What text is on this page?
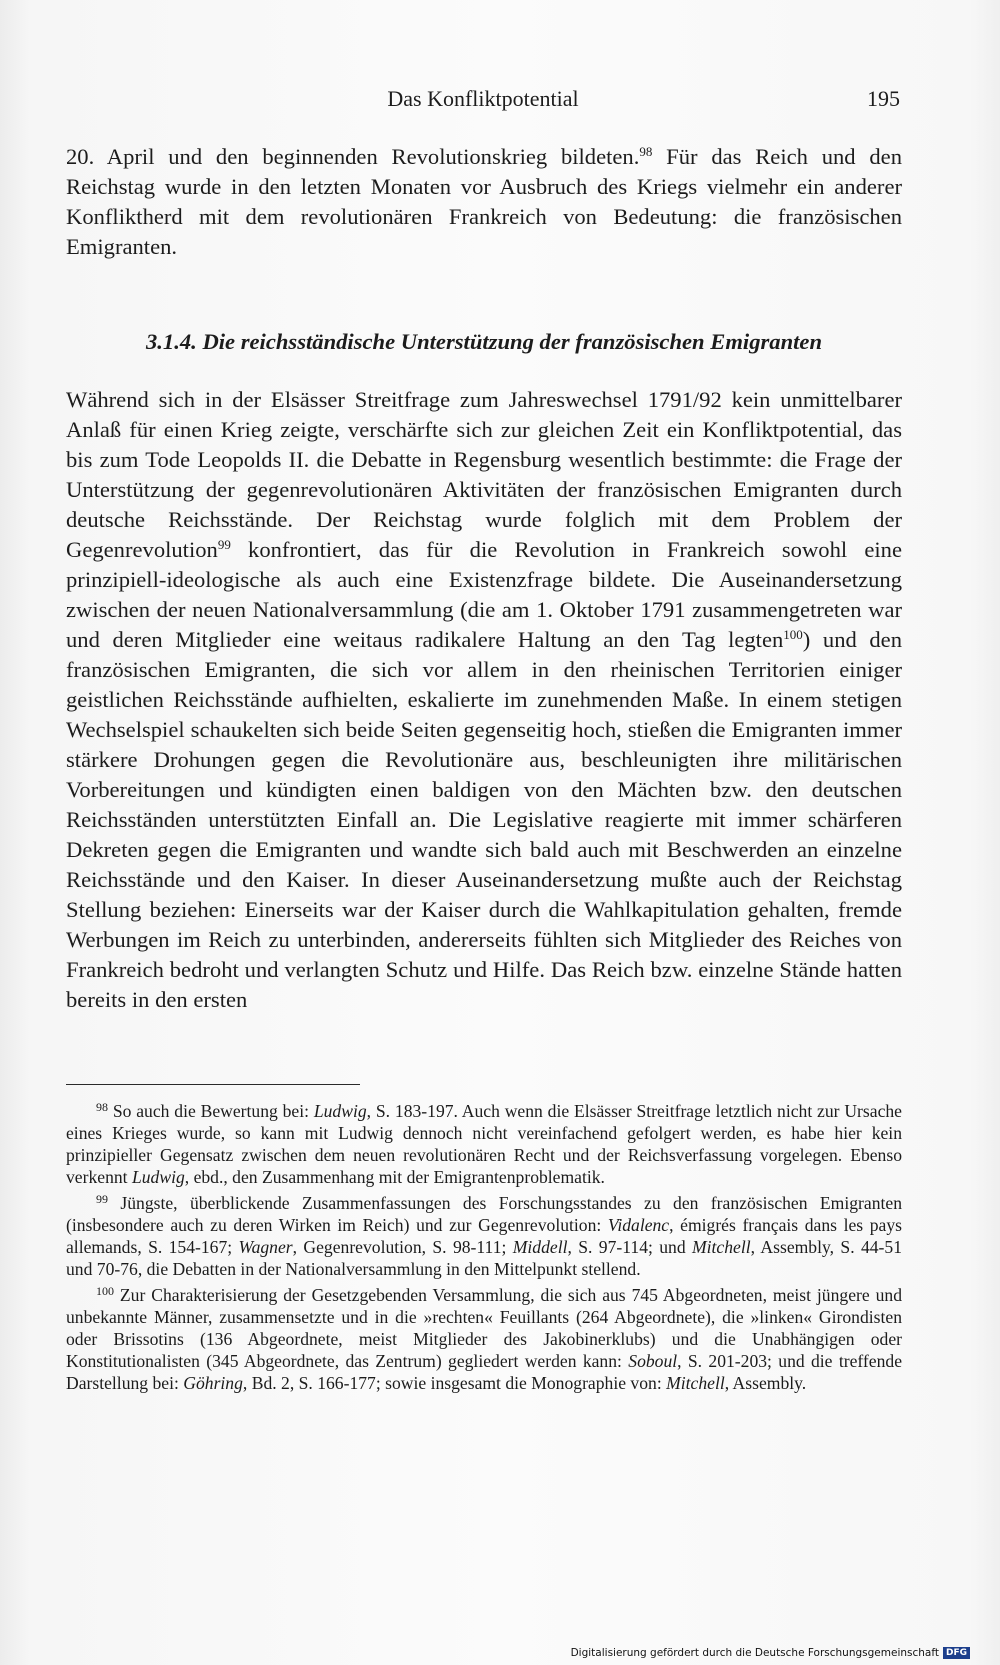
Das Konfliktpotential	195

20. April und den beginnenden Revolutionskrieg bildeten.$^{98}$ Für das Reich und den Reichstag wurde in den letzten Monaten vor Ausbruch des Kriegs vielmehr ein anderer Konfliktherd mit dem revolutionären Frankreich von Bedeutung: die französischen Emigranten.

3.1.4. Die reichsständische Unterstützung der französischen Emigranten

Während sich in der Elsässer Streitfrage zum Jahreswechsel 1791/92 kein unmittelbarer Anlaß für einen Krieg zeigte, verschärfte sich zur gleichen Zeit ein Konfliktpotential, das bis zum Tode Leopolds II. die Debatte in Regensburg wesentlich bestimmte: die Frage der Unterstützung der gegenrevolutionären Aktivitäten der französischen Emigranten durch deutsche Reichsstände. Der Reichstag wurde folglich mit dem Problem der Gegenrevolution$^{99}$ konfrontiert, das für die Revolution in Frankreich sowohl eine prinzipiell-ideologische als auch eine Existenzfrage bildete. Die Auseinandersetzung zwischen der neuen Nationalversammlung (die am 1. Oktober 1791 zusammengetreten war und deren Mitglieder eine weitaus radikalere Haltung an den Tag legten$^{100}$) und den französischen Emigranten, die sich vor allem in den rheinischen Territorien einiger geistlichen Reichsstände aufhielten, eskalierte im zunehmenden Maße. In einem stetigen Wechselspiel schaukelten sich beide Seiten gegenseitig hoch, stießen die Emigranten immer stärkere Drohungen gegen die Revolutionäre aus, beschleunigten ihre militärischen Vorbereitungen und kündigten einen baldigen von den Mächten bzw. den deutschen Reichsständen unterstützten Einfall an. Die Legislative reagierte mit immer schärferen Dekreten gegen die Emigranten und wandte sich bald auch mit Beschwerden an einzelne Reichsstände und den Kaiser. In dieser Auseinandersetzung mußte auch der Reichstag Stellung beziehen: Einerseits war der Kaiser durch die Wahlkapitulation gehalten, fremde Werbungen im Reich zu unterbinden, andererseits fühlten sich Mitglieder des Reiches von Frankreich bedroht und verlangten Schutz und Hilfe. Das Reich bzw. einzelne Stände hatten bereits in den ersten

$^{98}$ So auch die Bewertung bei: Ludwig, S. 183-197. Auch wenn die Elsässer Streitfrage letztlich nicht zur Ursache eines Krieges wurde, so kann mit Ludwig dennoch nicht vereinfachend gefolgert werden, es habe hier kein prinzipieller Gegensatz zwischen dem neuen revolutionären Recht und der Reichsverfassung vorgelegen. Ebenso verkennt Ludwig, ebd., den Zusammenhang mit der Emigrantenproblematik.

$^{99}$ Jüngste, überblickende Zusammenfassungen des Forschungsstandes zu den französischen Emigranten (insbesondere auch zu deren Wirken im Reich) und zur Gegenrevolution: Vidalenc, émigrés français dans les pays allemands, S. 154-167; Wagner, Gegenrevolution, S. 98-111; Middell, S. 97-114; und Mitchell, Assembly, S. 44-51 und 70-76, die Debatten in der Nationalversammlung in den Mittelpunkt stellend.

$^{100}$ Zur Charakterisierung der Gesetzgebenden Versammlung, die sich aus 745 Abgeordneten, meist jüngere und unbekannte Männer, zusammensetzte und in die »rechten« Feuillants (264 Abgeordnete), die »linken« Girondisten oder Brissotins (136 Abgeordnete, meist Mitglieder des Jakobinerklubs) und die Unabhängigen oder Konstitutionalisten (345 Abgeordnete, das Zentrum) gegliedert werden kann: Soboul, S. 201-203; und die treffende Darstellung bei: Göhring, Bd. 2, S. 166-177; sowie insgesamt die Monographie von: Mitchell, Assembly.

Digitalisierung gefördert durch die Deutsche Forschungsgemeinschaft DFG
